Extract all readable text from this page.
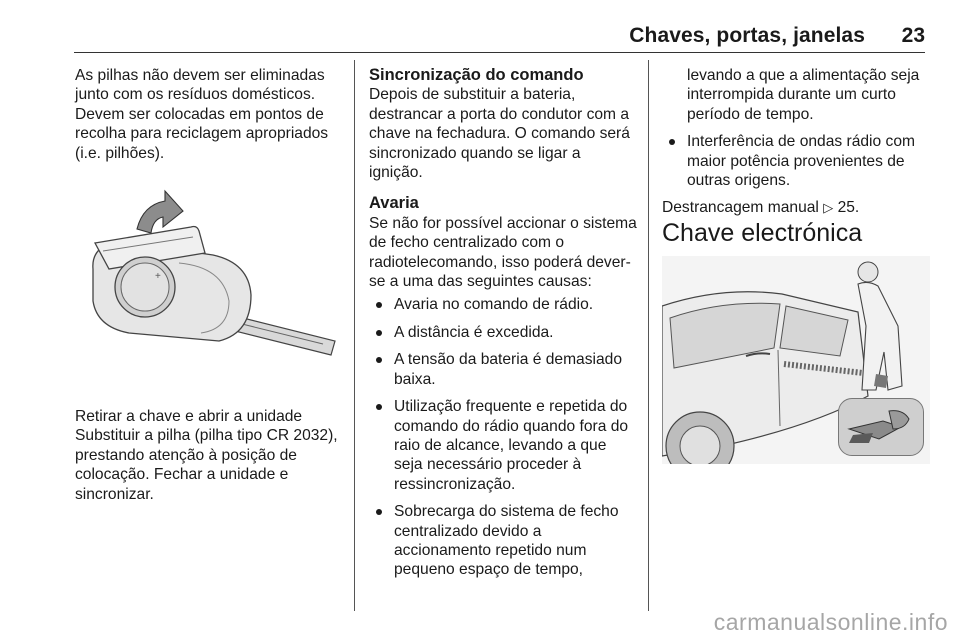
Chaves, portas, janelas 23

As pilhas não devem ser eliminadas junto com os resíduos domésticos. Devem ser colocadas em pontos de recolha para reciclagem apropriados (i.e. pilhões).

+

Retirar a chave e abrir a unidade Substituir a pilha (pilha tipo CR 2032), prestando atenção à posição de colocação. Fechar a unidade e sincronizar.

Sincronização do comando

Depois de substituir a bateria, destrancar a porta do condutor com a chave na fechadura. O comando será sincronizado quando se ligar a ignição.

Avaria

Se não for possível accionar o sistema de fecho centralizado com o radiotelecomando, isso poderá dever-se a uma das seguintes causas:

Avaria no comando de rádio.
A distância é excedida.
A tensão da bateria é demasiado baixa.
Utilização frequente e repetida do comando do rádio quando fora do raio de alcance, levando a que seja necessário proceder à ressincronização.
Sobrecarga do sistema de fecho centralizado devido a accionamento repetido num pequeno espaço de tempo,
levando a que a alimentação seja interrompida durante um curto período de tempo.
Interferência de ondas rádio com maior potência provenientes de outras origens.

Destrancagem manual ▷ 25.

Chave electrónica

carmanualsonline.info
